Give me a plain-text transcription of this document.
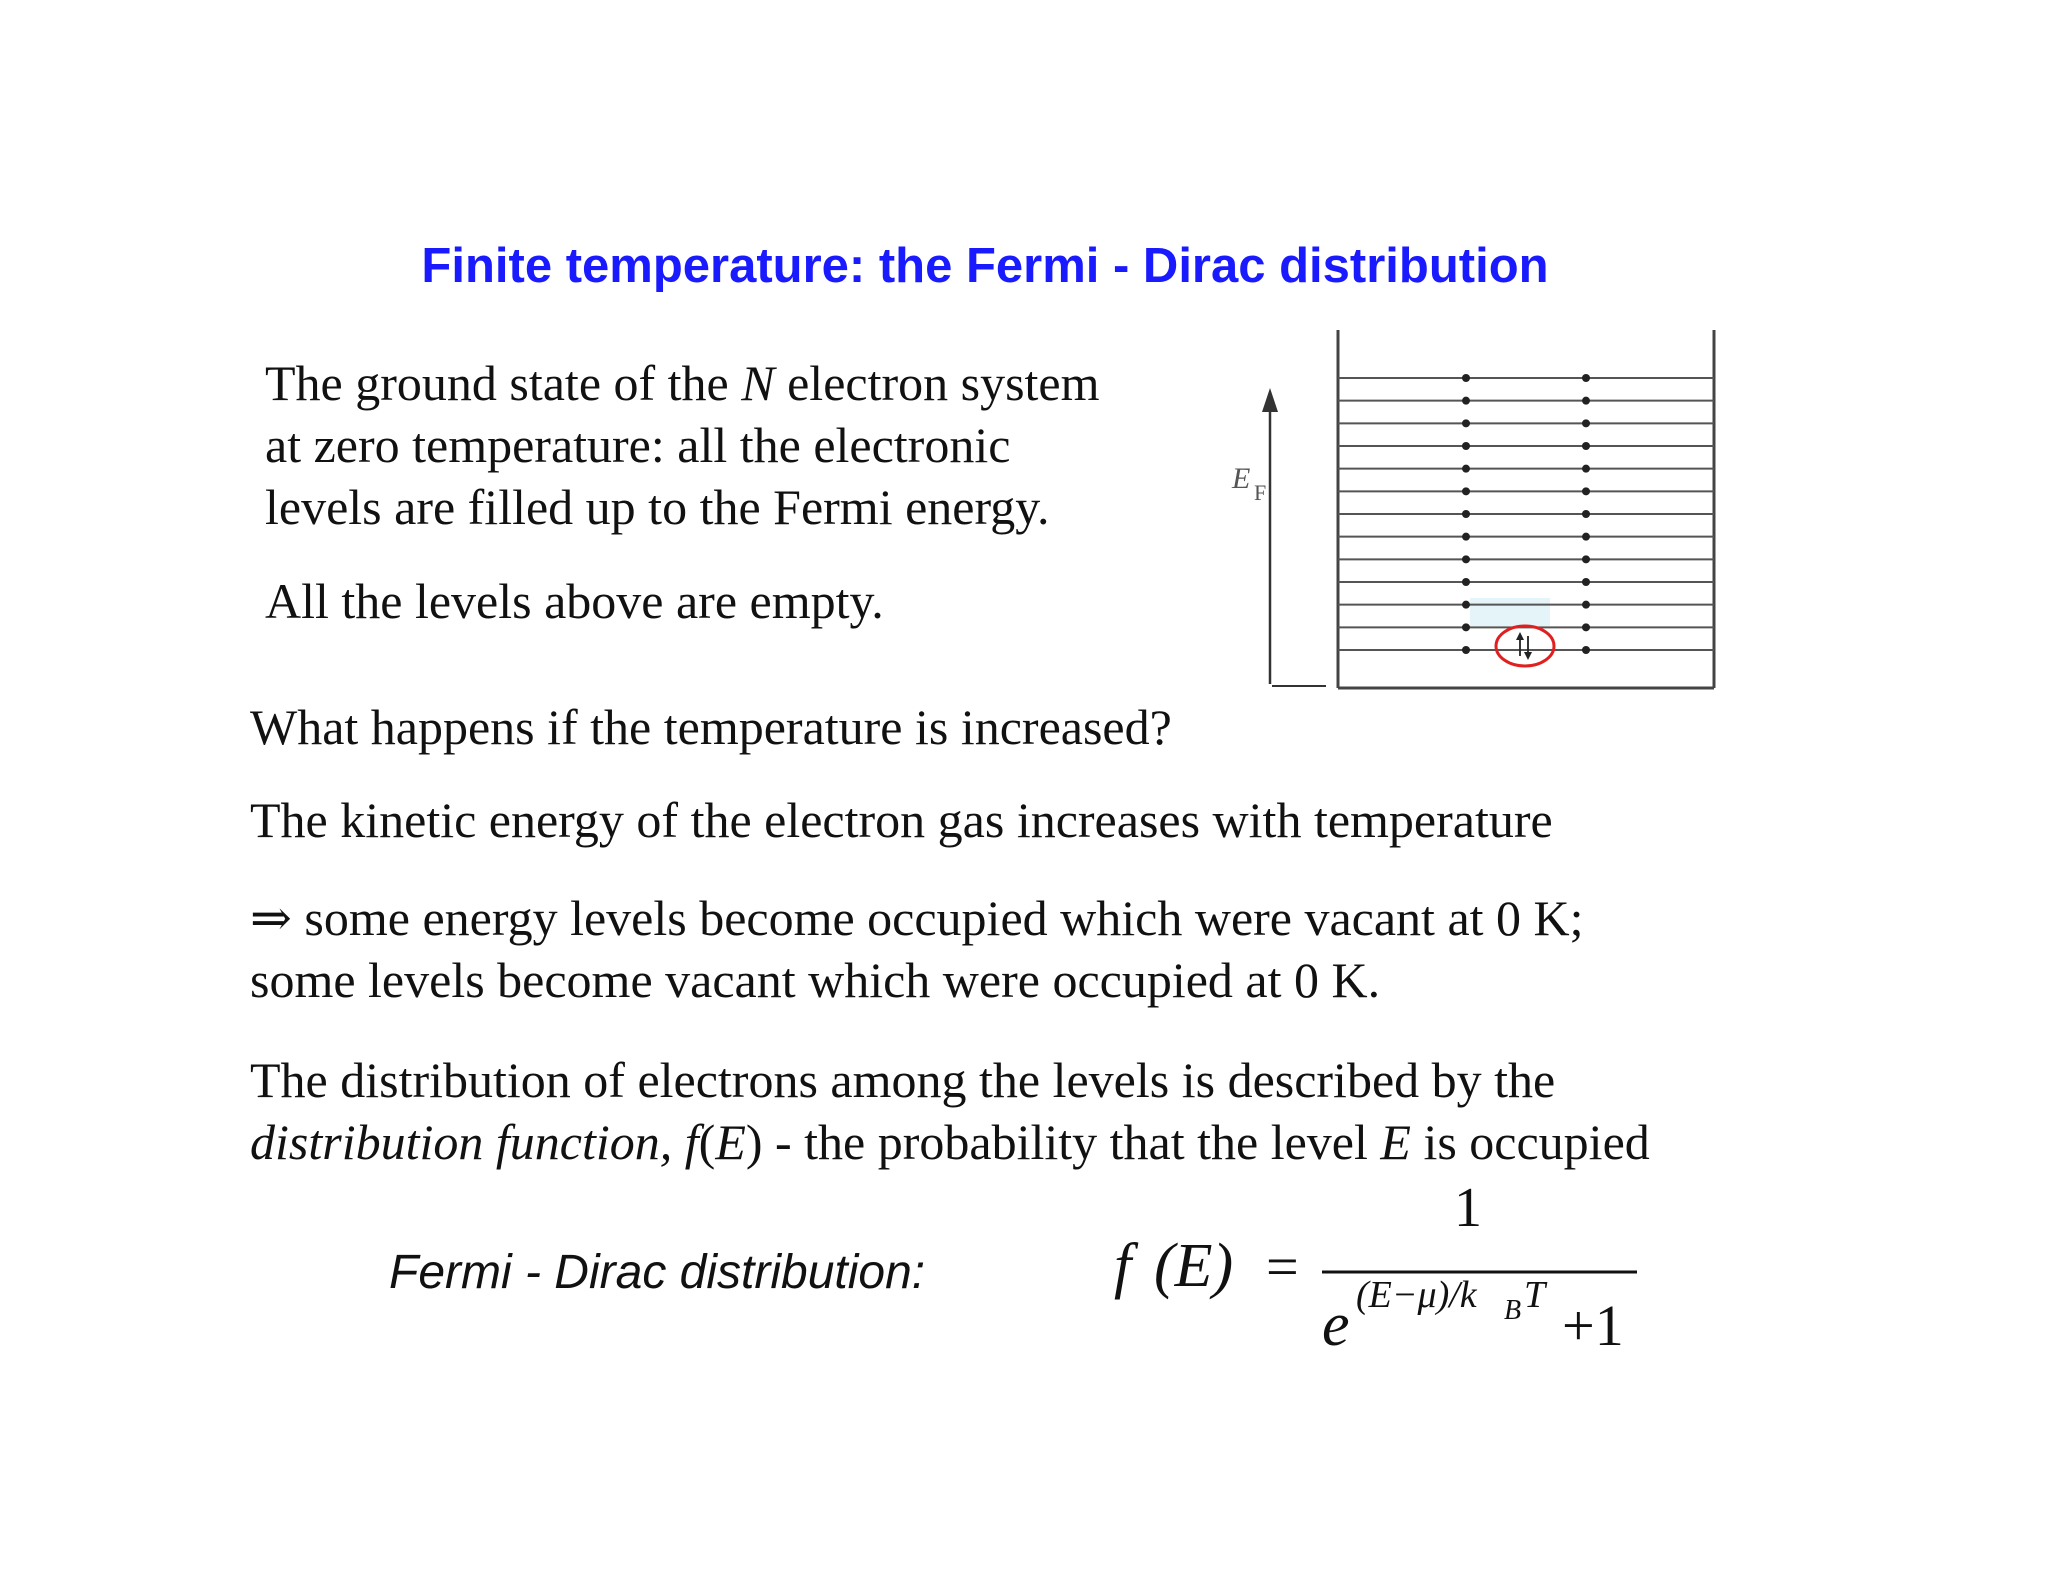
Finite temperature: the Fermi - Dirac distribution
The ground state of the N electron system
at zero temperature: all the electronic
levels are filled up to the Fermi energy.
All the levels above are empty.
What happens if the temperature is increased?
The kinetic energy of the electron gas increases with temperature
⇒ some energy levels become occupied which were vacant at 0 K;
some levels become vacant which were occupied at 0 K.
The distribution of electrons among the levels is described by the
distribution function, f(E) - the probability that the level E is occupied
Fermi - Dirac distribution:	f (E) =
1
e (E−μ)/k B T +1
E F
